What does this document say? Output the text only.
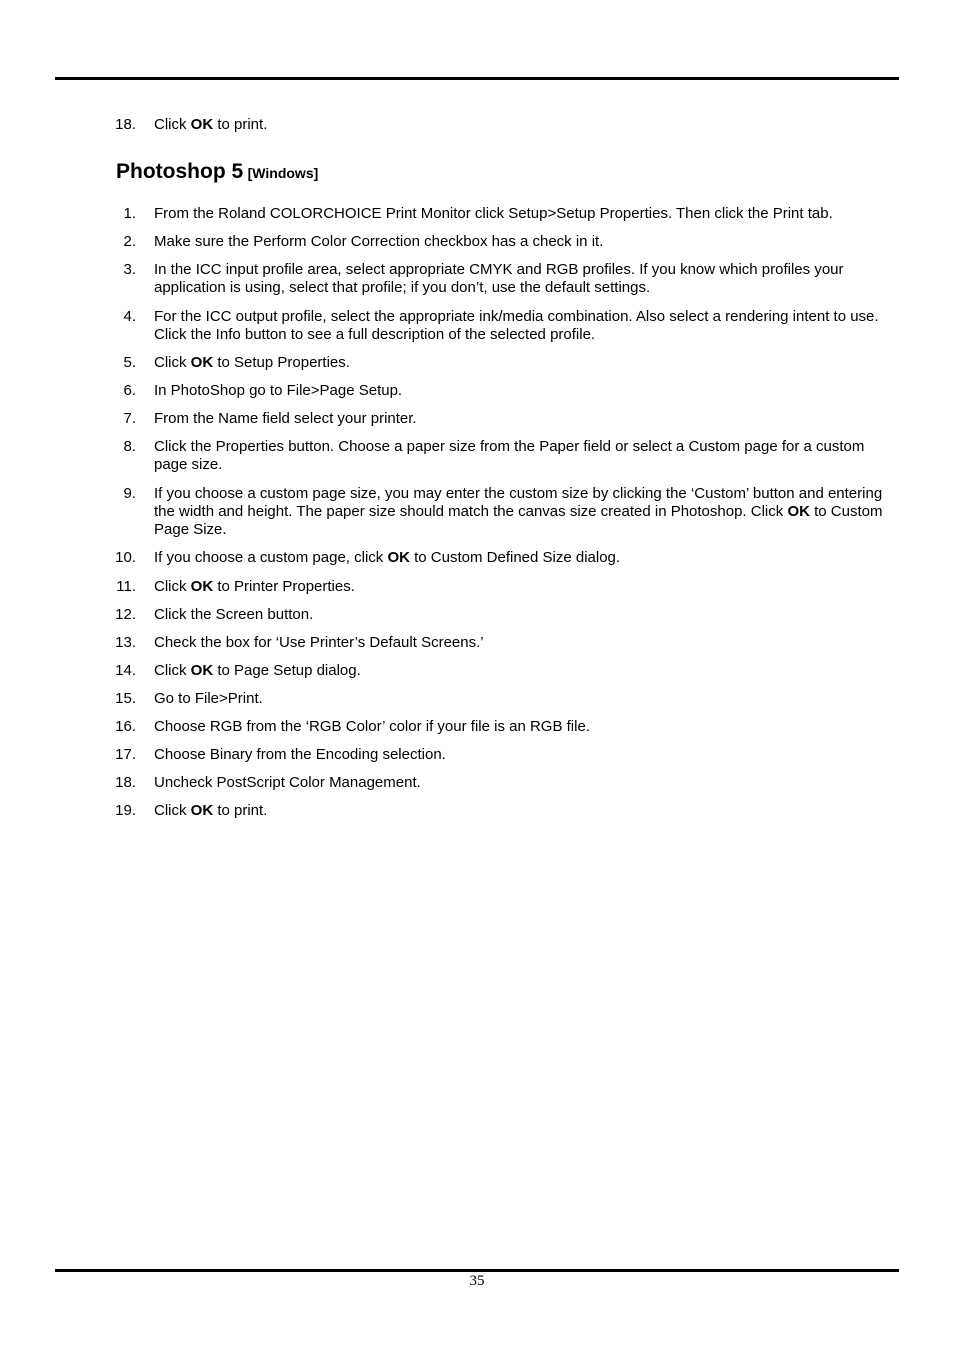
18. Click OK to print.
Photoshop 5 [Windows]
1. From the Roland COLORCHOICE Print Monitor click Setup>Setup Properties. Then click the Print tab.
2. Make sure the Perform Color Correction checkbox has a check in it.
3. In the ICC input profile area, select appropriate CMYK and RGB profiles. If you know which profiles your application is using, select that profile; if you don’t, use the default settings.
4. For the ICC output profile, select the appropriate ink/media combination. Also select a rendering intent to use. Click the Info button to see a full description of the selected profile.
5. Click OK to Setup Properties.
6. In PhotoShop go to File>Page Setup.
7. From the Name field select your printer.
8. Click the Properties button. Choose a paper size from the Paper field or select a Custom page for a custom page size.
9. If you choose a custom page size, you may enter the custom size by clicking the ‘Custom’ button and entering the width and height. The paper size should match the canvas size created in Photoshop. Click OK to Custom Page Size.
10. If you choose a custom page, click OK to Custom Defined Size dialog.
11. Click OK to Printer Properties.
12. Click the Screen button.
13. Check the box for ‘Use Printer’s Default Screens.’
14. Click OK to Page Setup dialog.
15. Go to File>Print.
16. Choose RGB from the ‘RGB Color’ color if your file is an RGB file.
17. Choose Binary from the Encoding selection.
18. Uncheck PostScript Color Management.
19. Click OK to print.
35
